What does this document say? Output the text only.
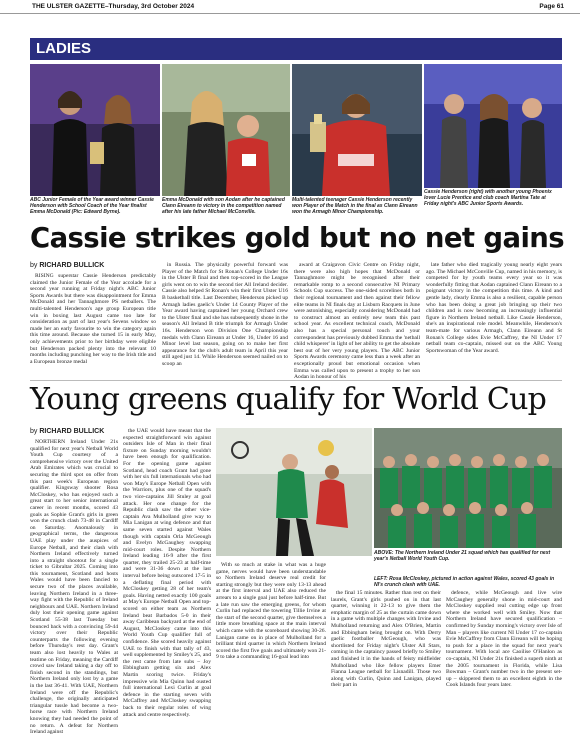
THE ULSTER GAZETTE–Thursday, 3rd October 2024	Page 61
LADIES
ABC Junior Female of the Year award winner Cassie Henderson with School Coach of the Year finalist Emma McDonald (Pic: Edward Byrne).
Emma McDonald with son Aodan after he captained Clann Eireann to victory in the competition named after his late father Michael McConville.
Multi-talented teenager Cassie Henderson recently won Player of the Match in the final as Clann Eireann won the Armagh Minor Championship.
Cassie Henderson (right) with another young Phoenix lover Lucie Prentice and club coach Martina Tate at Friday night's ABC Junior Sports Awards.
Cassie strikes gold but no net gains
by RICHARD BULLICK

RISING superstar Cassie Henderson predictably claimed the Junior Female of the Year accolade for a second year running at Friday night's ABC Junior Sports Awards but there was disappointment for Emma McDonald and her Tannaghmore PS netballers. The multi-talented Henderson's age group European title win in boxing last August came too late for consideration as part of last year's Sevens window so made her an early favourite to win the category again this time around. Because she turned 15 in early May, only achievements prior to her birthday were eligible but Henderson packed plenty into the relevant 10 months including punching her way to the Irish title and a European bronze medal

in Russia. The physically powerful forward was Player of the Match for St Ronan's College Under 16s in the Ulster B final and then top-scored in the League girls went on to win the second tier All Ireland decider. Cassie also helped St Ronan's win their first Ulster U16 B basketball title. Last December, Henderson picked up Armagh ladies gaelic's Under 14 County Player of the Year award having captained her young Orchard crew to the Ulster final and she has subsequently shone in the season's All Ireland B title triumph for Armagh Under 16s. Henderson won Division One Championship medals with Clann Eireann at Under 16, Under 16 and Minor level last season, going on to make her first appearance for the club's adult team in April this year still aged just 14. While Henderson seemed nailed on to scoop an

award at Craigavon Civic Centre on Friday night, there were also high hopes that McDonald or Tannaghmore might be recognised after their remarkable romp to a second consecutive NI Primary Schools Cup success. The one-sided scorelines both in their regional tournament and then against their fellow elite teams in NI finals day at Lisburn Racquets in June were astonishing, especially considering McDonald had to construct almost an entirely new team this past school year. As excellent technical coach, McDonald also has a special personal touch and your correspondent has previously dubbed Emma the 'netball child whisperer' in light of her ability to get the absolute best out of her very young players. The ABC Junior Sports Awards ceremony came less than a week after an exceptionally proud but emotional occasion when Emma was called upon to present a trophy to her son Aodan in honour of his

late father who died tragically young nearly eight years ago. The Michael McConville Cup, named in his memory, is competed for by youth teams every year so it was wonderfully fitting that Aodan captained Clann Eireann to a poignant victory in the competition this time. A kind and gentle lady, clearly Emma is also a resilient, capable person who has been doing a great job bringing up their two children and is now becoming an increasingly influential figure in Northern Ireland netball. Like Cassie Henderson, she's an inspirational role model. Meanwhile, Henderson's team-mate for various Armagh, Clann Eireann and St Ronan's College sides Evie McCaffrey, the NI Under 17 netball team co-captain, missed out on the ABC Young Sportswoman of the Year award.

Young greens qualify for World Cup
by RICHARD BULLICK

NORTHERN Ireland Under 21s qualified for next year's Netball World Youth Cup courtesy of a comprehensive victory over the United Arab Emirates which was crucial to securing the third spot on offer from this past week's European region qualifier. Kingsway shooter Rosa McCloskey, who has enjoyed such a great start to her senior international career in recent months, scored 43 goals as Sophie Grant's girls in green won the crunch clash 73-48 in Cardiff on Saturday. Anomalously in geographical terms, the dangerous UAE play under the auspices of Europe Netball, and their clash with Northern Ireland effectively turned into a straight shootout for a single ticket to Gibraltar 2025. Coming into this tournament, Scotland and hosts Wales would have been fancied to secure two of the places available, leaving Northern Ireland in a three-way fight with the Republic of Ireland neighbours and UAE. Northern Ireland duly lost their opening game against Scotland 55-38 last Tuesday but bounced back with a convincing 59-44 victory over their Republic counterparts the following evening before Thursday's rest day. Grant's team also lost heavily to Wales at teatime on Friday, meaning the Cardiff crowd saw Ireland taking a day off to finish second in the standings, but Northern Ireland only lost by a game in the last 36-41. With UAE, Northern Ireland were off the Republic's challenge, the originally anticipated triangular tussle had become a two-horse race with Northern Ireland knowing they had needed the point of no return. A defeat for Northern Ireland against

the UAE would have meant that the expected straightforward win against outsiders Isle of Man in their final fixture on Sunday morning wouldn't have been enough for qualification. For the opening game against Scotland, head coach Grant had gone with her six full internationals who had won May's Europe Netball Open with the Warriors, plus one of the squad's two vice-captains Jill Stuley at goal attack. Her one change for the Republic clash saw the other vice-captain Ava Mulholland give way to Mia Lanigan at wing defence and that same seven started against Wales though with captain Orla McGeough and Evelyn McGaughey swapping mid-court roles. Despite Northern Ireland leading 16-9 after the first quarter, they trailed 25-23 at half-time and were 31-36 down at the last interval before being outscored 17-5 in a deflating final period with McCloskey getting 28 of her team's goals. Having netted exactly 100 goals at May's Europe Netball Open and top-scored on either team as Northern Ireland beat Barbados 5-0 in their away Caribbean backyard at the end of August, McCloskey came into this World Youth Cup qualifier full of confidence. She scored heavily against UAE to finish with that tally of 43, well supplemented by Smiley's 25, and the rest came from late subs – Joy Ebbingham getting six and Alex Martin scoring twice. Friday's impressive win Mia Quinn had ousted full international Lexi Curlin at goal defence in the starting seven with McCaffrey and McCloskey swapping back to their regular roles of wing attack and centre respectively.

ABOVE: The Northern Ireland Under 21 squad which has qualified for next year's Netball World Youth Cup.
LEFT: Rosa McCloskey, pictured in action against Wales, scored 43 goals in NI's crunch clash with UAE.

With so much at stake in what was a huge game, nerves would have been understandable so Northern Ireland deserve real credit for starting strongly but they were only 13-13 ahead at the first interval and UAE also reduced the arrears to a single goal just before half-time. But a late run saw the emerging greens, for whom Curlin had replaced the towering Tillie Irvine at the start of the second quarter, give themselves a little more breathing space at the main interval which came with the scoreboard showing 30-26. Lanigan came on in place of Mulholland for a brilliant third quarter in which Northern Ireland scored the first five goals and ultimately won 21-9 to take a commanding 16-goal lead into

the final 15 minutes. Rather than rest on their laurels, Grant's girls pushed on in that last quarter, winning it 22-13 to give them the emphatic margin of 25 as the curtain came down in a game with multiple changes with Irvine and Mulholland returning and Alex O'Brien, Martin and Ebbingham being brought on. With Derry gaelic footballer McGeough, who was shortlisted for Friday night's Ulster All Stars, coming in the captaincy passed briefly to Smiley and finished it in the hands of feisty midfielder Mulholland who like fellow players Emer Fianna League netball for Lisnadill. Those two along with Curlin, Quinn and Lanigan, played their part in

defence, while McGeough and live wire McCaughey generally shone in mid-court and McCloskey supplied real cutting edge up front where she worked well with Smiley. Now that Northern Ireland have secured qualification – confirmed by Sunday morning's victory over Isle of Man – players like current NI Under 17 co-captain Evie McCaffrey from Clann Eireann will be hoping to push for a place in the squad for next year's tournament. With local ace Caoilise O'Hanlon as co-captain, NI Under 21s finished a superb ninth at the 2005 tournament in Florida, while Lisa Bowman – Grant's number two in the present set-up – skippered them to an excellent eighth in the Cook Islands four years later.
